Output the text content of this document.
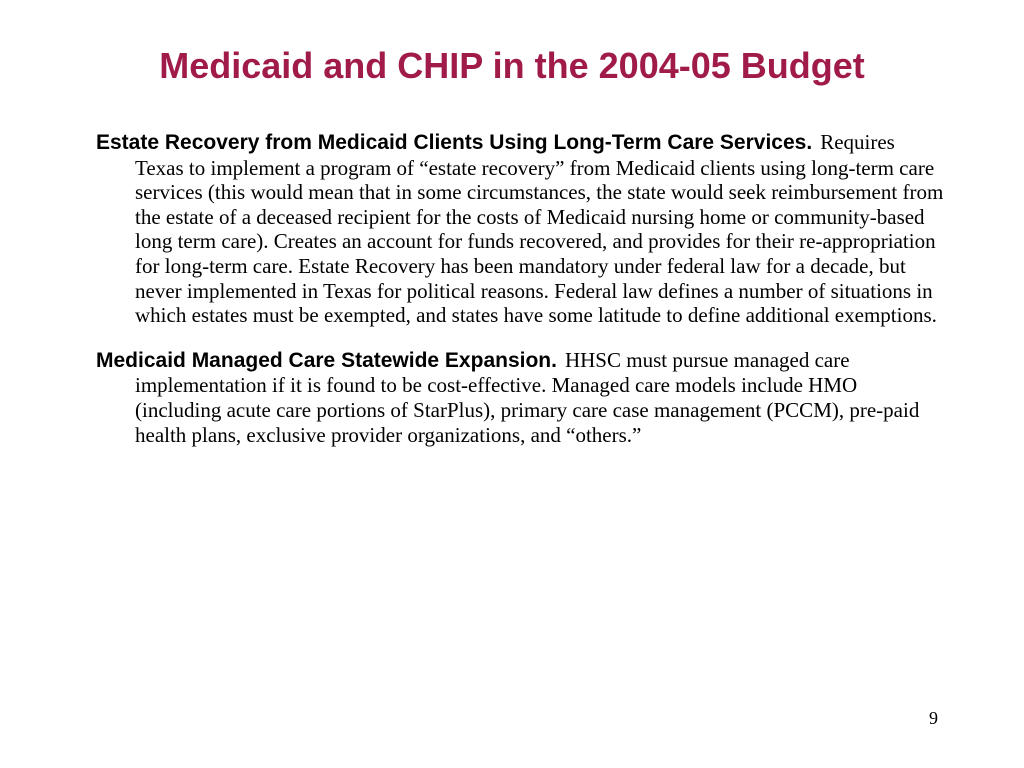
Medicaid and CHIP in the 2004-05 Budget

Estate Recovery from Medicaid Clients Using Long-Term Care Services. Requires Texas to implement a program of “estate recovery” from Medicaid clients using long-term care services (this would mean that in some circumstances, the state would seek reimbursement from the estate of a deceased recipient for the costs of Medicaid nursing home or community-based long term care). Creates an account for funds recovered, and provides for their re-appropriation for long-term care. Estate Recovery has been mandatory under federal law for a decade, but never implemented in Texas for political reasons. Federal law defines a number of situations in which estates must be exempted, and states have some latitude to define additional exemptions.

Medicaid Managed Care Statewide Expansion. HHSC must pursue managed care implementation if it is found to be cost-effective. Managed care models include HMO (including acute care portions of StarPlus), primary care case management (PCCM), pre-paid health plans, exclusive provider organizations, and “others.”

9
